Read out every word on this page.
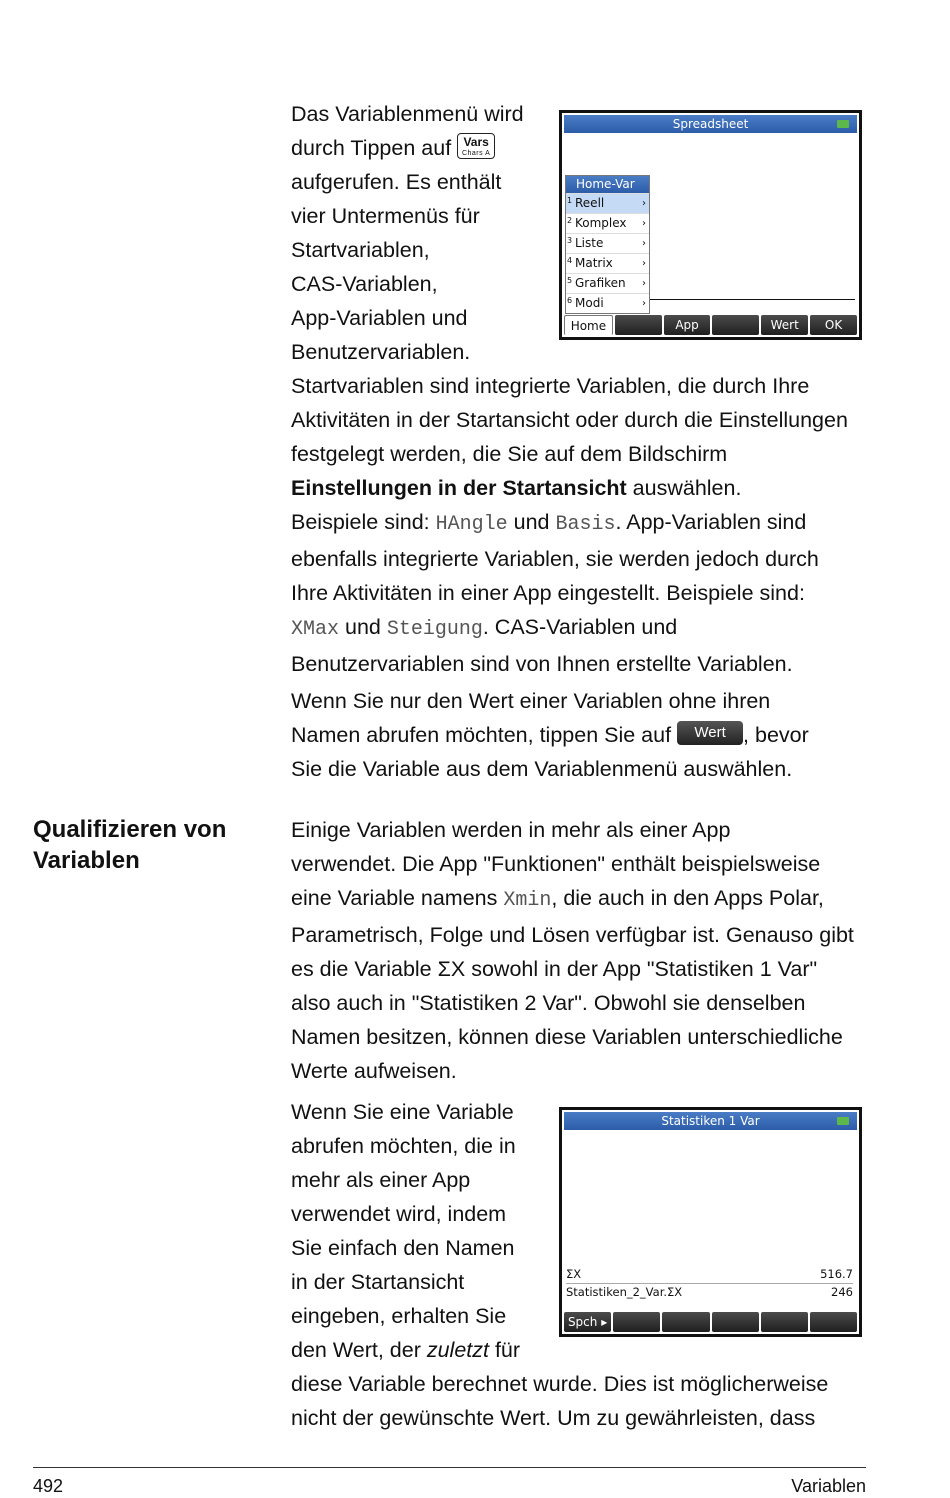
Das Variablenmenü wird
durch Tippen auf	Vars
Chars A
aufgerufen. Es enthält
vier Untermenüs für
Startvariablen,
CAS-Variablen,
App-Variablen und
Benutzervariablen.
Spreadsheet
Home-Var
1 Reell	›
2 Komplex ›
3 Liste	›
4 Matrix	›
5 Grafiken ›
6 Modi	›
Home	App	Wert	OK
Startvariablen sind integrierte Variablen, die durch Ihre
Aktivitäten in der Startansicht oder durch die Einstellungen
festgelegt werden, die Sie auf dem Bildschirm
Einstellungen in der Startansicht auswählen.
Beispiele sind: HAngle und Basis. App-Variablen sind
ebenfalls integrierte Variablen, sie werden jedoch durch
Ihre Aktivitäten in einer App eingestellt. Beispiele sind:
XMax und Steigung. CAS-Variablen und
Benutzervariablen sind von Ihnen erstellte Variablen.
Wenn Sie nur den Wert einer Variablen ohne ihren
Namen abrufen möchten, tippen Sie auf Wert , bevor
Sie die Variable aus dem Variablenmenü auswählen.
Qualifizieren von
Variablen
Einige Variablen werden in mehr als einer App
verwendet. Die App "Funktionen" enthält beispielsweise
eine Variable namens Xmin, die auch in den Apps Polar,
Parametrisch, Folge und Lösen verfügbar ist. Genauso gibt
es die Variable ΣX sowohl in der App "Statistiken 1 Var"
also auch in "Statistiken 2 Var". Obwohl sie denselben
Namen besitzen, können diese Variablen unterschiedliche
Werte aufweisen.
Wenn Sie eine Variable
abrufen möchten, die in
mehr als einer App
verwendet wird, indem
Sie einfach den Namen
in der Startansicht
eingeben, erhalten Sie
den Wert, der zuletzt für
diese Variable berechnet wurde. Dies ist möglicherweise
nicht der gewünschte Wert. Um zu gewährleisten, dass
Statistiken 1 Var
ΣX	516.7
Statistiken_2_Var.ΣX	246
Spch ▸
492	Variablen
